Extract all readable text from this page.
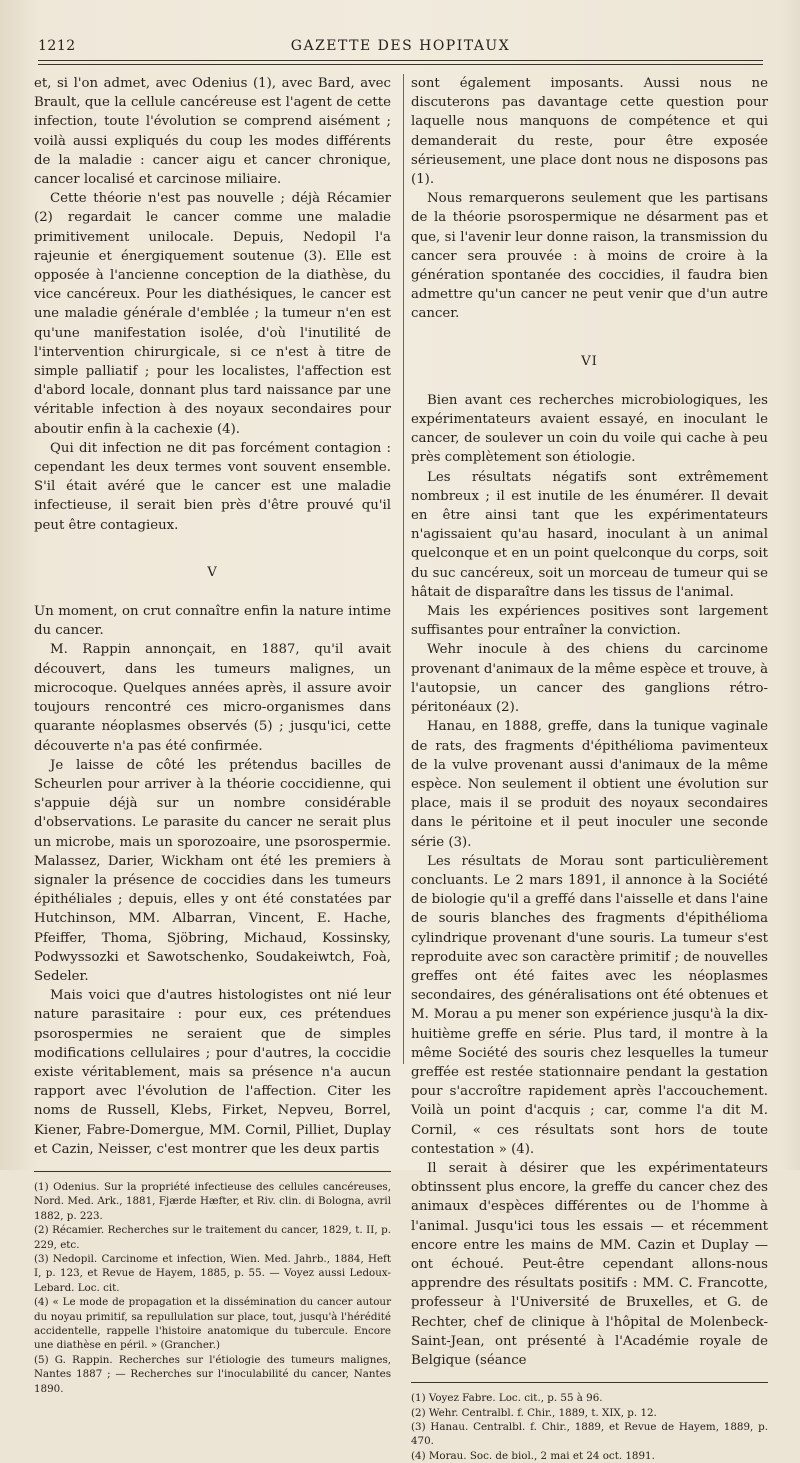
1212	GAZETTE DES HOPITAUX

et, si l'on admet, avec Odenius (1), avec Bard, avec Brault, que la cellule cancéreuse est l'agent de cette infection, toute l'évolution se comprend aisément ; voilà aussi expliqués du coup les modes différents de la maladie : cancer aigu et cancer chronique, cancer localisé et carcinose miliaire.

Cette théorie n'est pas nouvelle ; déjà Récamier (2) regardait le cancer comme une maladie primitivement unilocale. Depuis, Nedopil l'a rajeunie et énergiquement soutenue (3). Elle est opposée à l'ancienne conception de la diathèse, du vice cancéreux. Pour les diathésiques, le cancer est une maladie générale d'emblée ; la tumeur n'en est qu'une manifestation isolée, d'où l'inutilité de l'intervention chirurgicale, si ce n'est à titre de simple palliatif ; pour les localistes, l'affection est d'abord locale, donnant plus tard naissance par une véritable infection à des noyaux secondaires pour aboutir enfin à la cachexie (4).

Qui dit infection ne dit pas forcément contagion : cependant les deux termes vont souvent ensemble. S'il était avéré que le cancer est une maladie infectieuse, il serait bien près d'être prouvé qu'il peut être contagieux.

V

Un moment, on crut connaître enfin la nature intime du cancer.

M. Rappin annonçait, en 1887, qu'il avait découvert, dans les tumeurs malignes, un microcoque. Quelques années après, il assure avoir toujours rencontré ces micro-organismes dans quarante néoplasmes observés (5) ; jusqu'ici, cette découverte n'a pas été confirmée.

Je laisse de côté les prétendus bacilles de Scheurlen pour arriver à la théorie coccidienne, qui s'appuie déjà sur un nombre considérable d'observations. Le parasite du cancer ne serait plus un microbe, mais un sporozoaire, une psorospermie. Malassez, Darier, Wickham ont été les premiers à signaler la présence de coccidies dans les tumeurs épithéliales ; depuis, elles y ont été constatées par Hutchinson, MM. Albarran, Vincent, E. Hache, Pfeiffer, Thoma, Sjöbring, Michaud, Kossinsky, Podwyssozki et Sawotschenko, Soudakeiwtch, Foà, Sedeler.

Mais voici que d'autres histologistes ont nié leur nature parasitaire : pour eux, ces prétendues psorospermies ne seraient que de simples modifications cellulaires ; pour d'autres, la coccidie existe véritablement, mais sa présence n'a aucun rapport avec l'évolution de l'affection. Citer les noms de Russell, Klebs, Firket, Nepveu, Borrel, Kiener, Fabre-Domergue, MM. Cornil, Pilliet, Duplay et Cazin, Neisser, c'est montrer que les deux partis

(1) Odenius. Sur la propriété infectieuse des cellules cancéreuses, Nord. Med. Ark., 1881, Fjærde Hæfter, et Riv. clin. di Bologna, avril 1882, p. 223.
(2) Récamier. Recherches sur le traitement du cancer, 1829, t. II, p. 229, etc.
(3) Nedopil. Carcinome et infection, Wien. Med. Jahrb., 1884, Heft I, p. 123, et Revue de Hayem, 1885, p. 55. — Voyez aussi Ledoux-Lebard. Loc. cit.
(4) « Le mode de propagation et la dissémination du cancer autour du noyau primitif, sa repullulation sur place, tout, jusqu'à l'hérédité accidentelle, rappelle l'histoire anatomique du tubercule. Encore une diathèse en péril. » (Grancher.)
(5) G. Rappin. Recherches sur l'étiologie des tumeurs malignes, Nantes 1887 ; — Recherches sur l'inoculabilité du cancer, Nantes 1890.

sont également imposants. Aussi nous ne discuterons pas davantage cette question pour laquelle nous manquons de compétence et qui demanderait du reste, pour être exposée sérieusement, une place dont nous ne disposons pas (1).

Nous remarquerons seulement que les partisans de la théorie psorospermique ne désarment pas et que, si l'avenir leur donne raison, la transmission du cancer sera prouvée : à moins de croire à la génération spontanée des coccidies, il faudra bien admettre qu'un cancer ne peut venir que d'un autre cancer.

VI

Bien avant ces recherches microbiologiques, les expérimentateurs avaient essayé, en inoculant le cancer, de soulever un coin du voile qui cache à peu près complètement son étiologie.

Les résultats négatifs sont extrêmement nombreux ; il est inutile de les énumérer. Il devait en être ainsi tant que les expérimentateurs n'agissaient qu'au hasard, inoculant à un animal quelconque et en un point quelconque du corps, soit du suc cancéreux, soit un morceau de tumeur qui se hâtait de disparaître dans les tissus de l'animal.

Mais les expériences positives sont largement suffisantes pour entraîner la conviction.

Wehr inocule à des chiens du carcinome provenant d'animaux de la même espèce et trouve, à l'autopsie, un cancer des ganglions rétro-péritonéaux (2).

Hanau, en 1888, greffe, dans la tunique vaginale de rats, des fragments d'épithélioma pavimenteux de la vulve provenant aussi d'animaux de la même espèce. Non seulement il obtient une évolution sur place, mais il se produit des noyaux secondaires dans le péritoine et il peut inoculer une seconde série (3).

Les résultats de Morau sont particulièrement concluants. Le 2 mars 1891, il annonce à la Société de biologie qu'il a greffé dans l'aisselle et dans l'aine de souris blanches des fragments d'épithélioma cylindrique provenant d'une souris. La tumeur s'est reproduite avec son caractère primitif ; de nouvelles greffes ont été faites avec les néoplasmes secondaires, des généralisations ont été obtenues et M. Morau a pu mener son expérience jusqu'à la dix-huitième greffe en série. Plus tard, il montre à la même Société des souris chez lesquelles la tumeur greffée est restée stationnaire pendant la gestation pour s'accroître rapidement après l'accouchement. Voilà un point d'acquis ; car, comme l'a dit M. Cornil, « ces résultats sont hors de toute contestation » (4).

Il serait à désirer que les expérimentateurs obtinssent plus encore, la greffe du cancer chez des animaux d'espèces différentes ou de l'homme à l'animal. Jusqu'ici tous les essais — et récemment encore entre les mains de MM. Cazin et Duplay — ont échoué. Peut-être cependant allons-nous apprendre des résultats positifs : MM. C. Francotte, professeur à l'Université de Bruxelles, et G. de Rechter, chef de clinique à l'hôpital de Molenbeck-Saint-Jean, ont présenté à l'Académie royale de Belgique (séance

(1) Voyez Fabre. Loc. cit., p. 55 à 96.
(2) Wehr. Centralbl. f. Chir., 1889, t. XIX, p. 12.
(3) Hanau. Centralbl. f. Chir., 1889, et Revue de Hayem, 1889, p. 470.
(4) Morau. Soc. de biol., 2 mai et 24 oct. 1891.
